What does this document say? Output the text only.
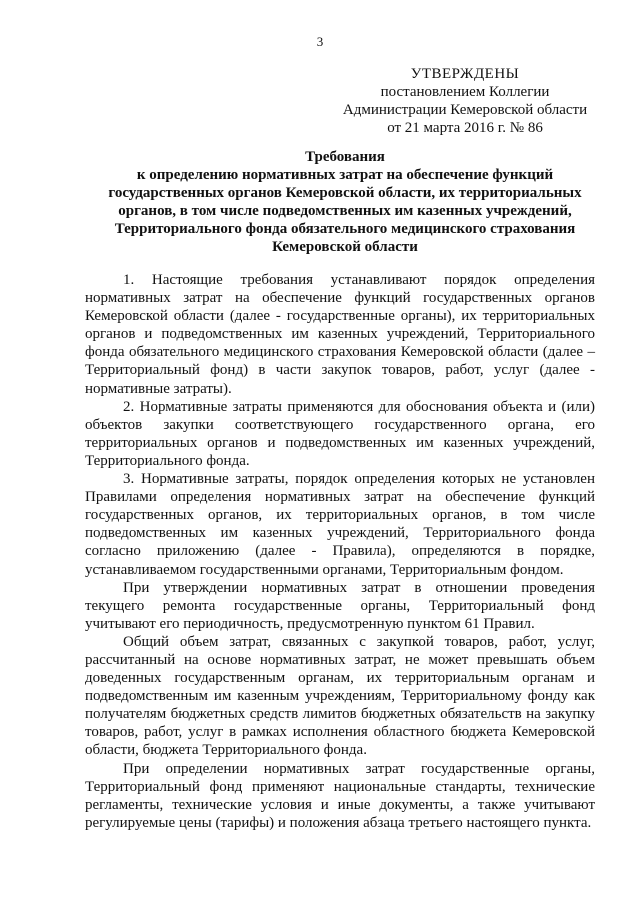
3
УТВЕРЖДЕНЫ
постановлением Коллегии
Администрации Кемеровской области
от 21 марта 2016 г. № 86
Требования
к определению нормативных затрат на обеспечение функций
государственных органов Кемеровской области, их территориальных
органов, в том числе подведомственных им казенных учреждений,
Территориального фонда обязательного медицинского страхования
Кемеровской области

1. Настоящие требования устанавливают порядок определения нормативных затрат на обеспечение функций государственных органов Кемеровской области (далее - государственные органы), их территориальных органов и подведомственных им казенных учреждений, Территориального фонда обязательного медицинского страхования Кемеровской области (далее – Территориальный фонд) в части закупок товаров, работ, услуг (далее - нормативные затраты).

2. Нормативные затраты применяются для обоснования объекта и (или) объектов закупки соответствующего государственного органа, его территориальных органов и подведомственных им казенных учреждений, Территориального фонда.

3. Нормативные затраты, порядок определения которых не установлен Правилами определения нормативных затрат на обеспечение функций государственных органов, их территориальных органов, в том числе подведомственных им казенных учреждений, Территориального фонда согласно приложению (далее - Правила), определяются в порядке, устанавливаемом государственными органами, Территориальным фондом.

При утверждении нормативных затрат в отношении проведения текущего ремонта государственные органы, Территориальный фонд учитывают его периодичность, предусмотренную пунктом 61 Правил.

Общий объем затрат, связанных с закупкой товаров, работ, услуг, рассчитанный на основе нормативных затрат, не может превышать объем доведенных государственным органам, их территориальным органам и подведомственным им казенным учреждениям, Территориальному фонду как получателям бюджетных средств лимитов бюджетных обязательств на закупку товаров, работ, услуг в рамках исполнения областного бюджета Кемеровской области, бюджета Территориального фонда.

При определении нормативных затрат государственные органы, Территориальный фонд применяют национальные стандарты, технические регламенты, технические условия и иные документы, а также учитывают регулируемые цены (тарифы) и положения абзаца третьего настоящего пункта.
